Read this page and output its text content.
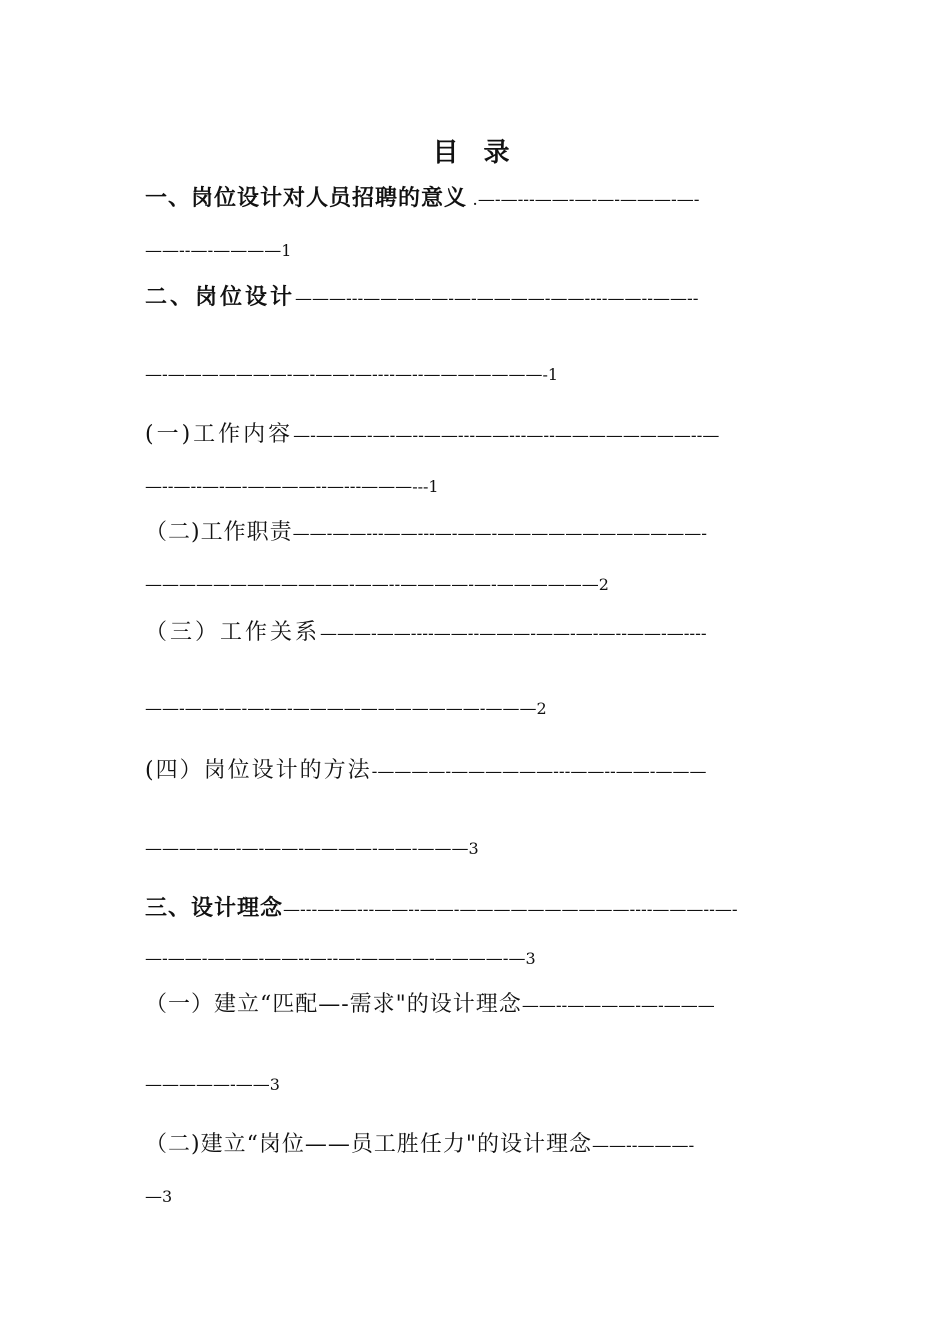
目 录
一、岗位设计对人员招聘的意义 .—-—---——-—-—-———-—-
——--—-————1
二、岗位设计———---—————-—-————-——----——--——--
—-———————-—-——-—----—--———————-1
(一)工作内容—-———-—-—--——---——---—--————————--—
—--—--—-—-————--—---———---1
（二)工作职责——-——---——---—-——-————————————-
————————————-——--————-—-——————2
（三）工作关系———-——----——--———-——-—-—--——-—----
——-——-—-—-—-———————————-———2
(四）岗位设计的方法-————-——————---——--——-———
————-—-—-——-————-——-———3
三、设计理念—---—-—---——--——-——————————----———--—-
—-——-———-——--—--—-————-————-—3
（一）建立“匹配—-需求"的设计理念——--————-—-———
—————-——3
（二)建立“岗位——员工胜任力"的设计理念——--———-
—3
